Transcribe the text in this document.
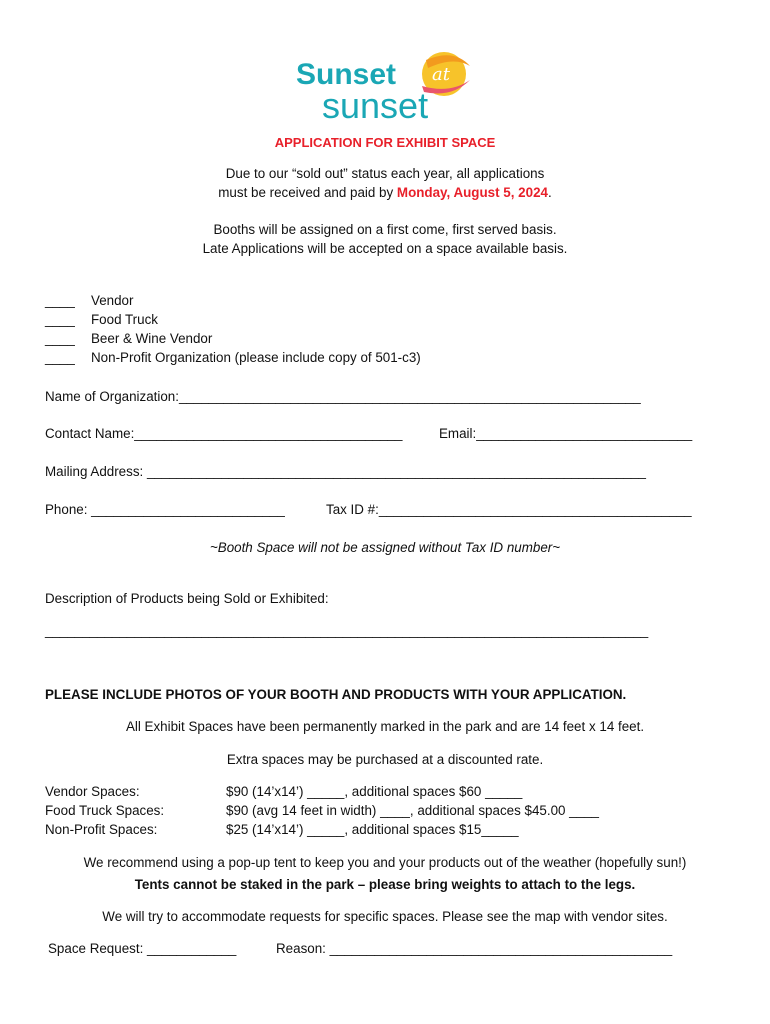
Sunset at
sunset
APPLICATION FOR EXHIBIT SPACE
Due to our “sold out” status each year, all applications
must be received and paid by Monday, August 5, 2024.
Booths will be assigned on a first come, first served basis.
Late Applications will be accepted on a space available basis.
____ Vendor
____ Food Truck
____ Beer & Wine Vendor
____ Non-Profit Organization (please include copy of 501-c3)
Name of Organization:______________________________________________________________
Contact Name:____________________________________	Email:_____________________________
Mailing Address: ___________________________________________________________________
Phone: __________________________	Tax ID #:__________________________________________
~Booth Space will not be assigned without Tax ID number~
Description of Products being Sold or Exhibited:
_________________________________________________________________________________
PLEASE INCLUDE PHOTOS OF YOUR BOOTH AND PRODUCTS WITH YOUR APPLICATION.
All Exhibit Spaces have been permanently marked in the park and are 14 feet x 14 feet.
Extra spaces may be purchased at a discounted rate.
Vendor Spaces:	$90 (14’x14’) _____, additional spaces $60 _____
Food Truck Spaces:	$90 (avg 14 feet in width) ____, additional spaces $45.00 ____
Non-Profit Spaces:	$25 (14’x14’) _____, additional spaces $15_____
We recommend using a pop-up tent to keep you and your products out of the weather (hopefully sun!)
Tents cannot be staked in the park – please bring weights to attach to the legs.
We will try to accommodate requests for specific spaces. Please see the map with vendor sites.
Space Request: ____________	Reason: ______________________________________________
